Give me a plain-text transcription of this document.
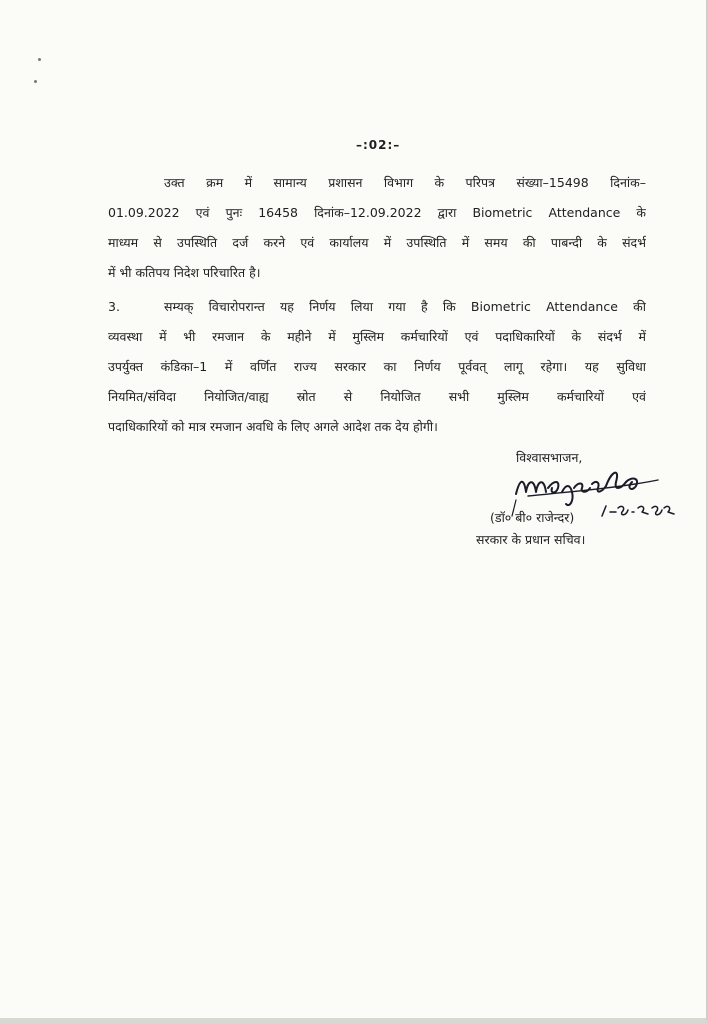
–:02:–
उक्त क्रम में सामान्य प्रशासन विभाग के परिपत्र संख्या–15498 दिनांक–
01.09.2022 एवं पुनः 16458 दिनांक–12.09.2022 द्वारा Biometric Attendance के
माध्यम से उपस्थिति दर्ज करने एवं कार्यालय में उपस्थिति में समय की पाबन्दी के संदर्भ
में भी कतिपय निदेश परिचारित है।
3.	सम्यक् विचारोपरान्त यह निर्णय लिया गया है कि Biometric Attendance की
व्यवस्था में भी रमजान के महीने में मुस्लिम कर्मचारियों एवं पदाधिकारियों के संदर्भ में
उपर्युक्त कंडिका–1 में वर्णित राज्य सरकार का निर्णय पूर्ववत् लागू रहेगा। यह सुविधा
नियमित/संविदा नियोजित/वाह्य स्रोत से नियोजित सभी मुस्लिम कर्मचारियों एवं
पदाधिकारियों को मात्र रमजान अवधि के लिए अगले आदेश तक देय होगी।
विश्वासभाजन,
(डॉ० बी० राजेन्दर)
सरकार के प्रधान सचिव।
